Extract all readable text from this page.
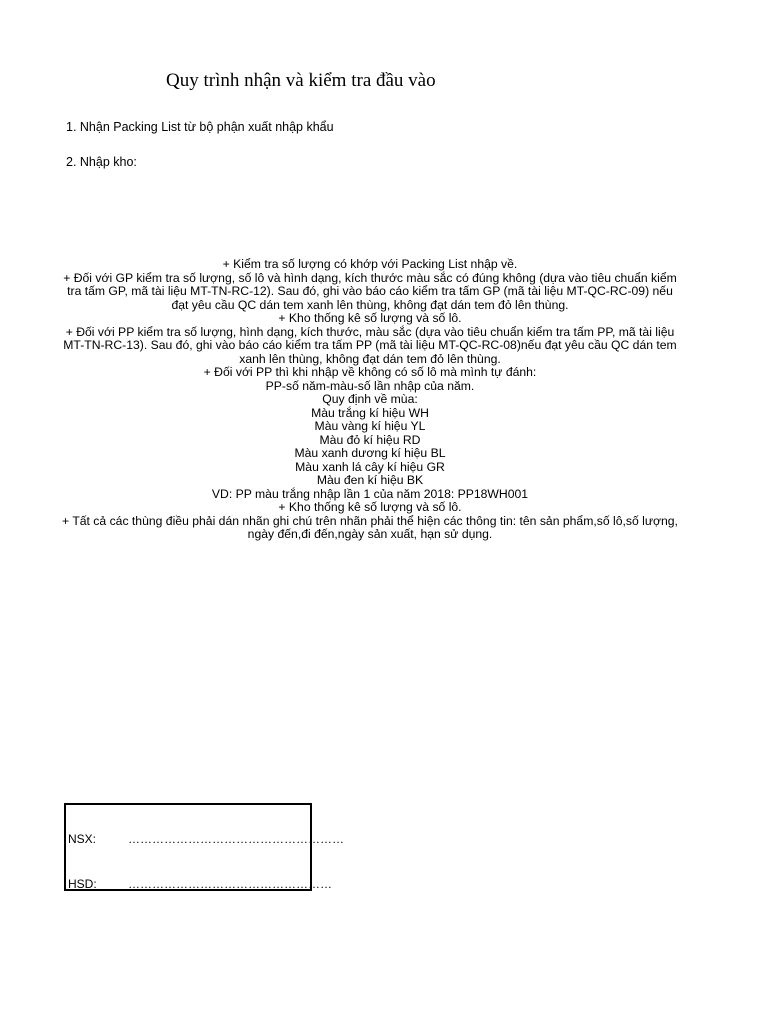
Quy trình nhận và kiểm tra đầu vào
1. Nhận Packing List từ bộ phận xuất nhập khẩu
2. Nhập kho:
+ Kiểm tra số lượng có khớp với Packing List nhập về.
+ Đối với GP kiểm tra số lượng, số lô và hình dạng, kích thước màu sắc có đúng không (dựa vào tiêu chuẩn kiểm tra tấm GP, mã tài liệu MT-TN-RC-12). Sau đó, ghi vào báo cáo kiểm tra tấm GP (mã tài liệu MT-QC-RC-09) nếu đạt yêu cầu QC dán tem xanh lên thùng, không đạt dán tem đỏ lên thùng.
+ Kho thống kê số lượng và số lô.
+ Đối với PP kiểm tra số lượng, hình dạng, kích thước, màu sắc (dựa vào tiêu chuẩn kiểm tra tấm PP, mã tài liệu MT-TN-RC-13). Sau đó, ghi vào báo cáo kiểm tra tấm PP (mã tài liệu MT-QC-RC-08)nếu đạt yêu cầu QC dán tem xanh lên thùng, không đạt dán tem đỏ lên thùng.
+ Đối với PP thì khi nhập về không có số lô mà mình tự đánh:
PP-số năm-màu-số lần nhập của năm.
Quy định về mùa:
Màu trắng kí hiệu WH
Màu vàng kí hiệu YL
Màu đỏ kí hiệu RD
Màu xanh dương kí hiệu BL
Màu xanh lá cây kí hiệu GR
Màu đen kí hiệu BK
VD: PP màu trắng nhập lần 1 của năm 2018: PP18WH001
+ Kho thống kê số lượng và số lô.
+ Tất cả các thùng điều phải dán nhãn ghi chú trên nhãn phải thể hiện các thông tin: tên sản phẩm,số lô,số lượng, ngày đến,đi đến,ngày sản xuất, hạn sử dụng.
NSX:	………………………………………………
HSD:	……………………………………………
